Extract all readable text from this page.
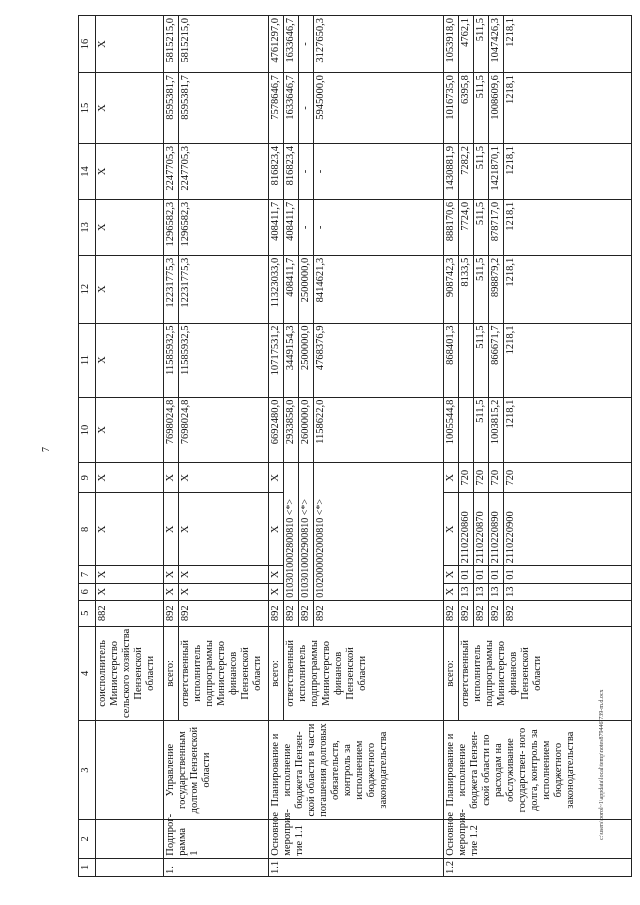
7
c:\users\borol~1\appdata\local\temp\notes879446\739-m.d.ocx
1	2	3	4	5	6	7	8	9	10	11	12	13	14	15	16
			соисполнитель Министерство сельского хозяйства Пензенской области	882	X	X	X	X	X	X	X	X	X	X	X
1.	Подпрог- рамма 1	Управление государственным долгом Пензенской области	всего:	892	X	X	X	X	7698024,8	11585932,5	12231775,3	1296582,3	2247705,3	8595381,7	5815215,0
			ответственный исполнитель подпрограммы Министерство финансов Пензенской области	892	X	X	X	X	7698024,8	11585932,5	12231775,3	1296582,3	2247705,3	8595381,7	5815215,0
1.1	Основное мероприя- тие 1.1	Планирование и исполнение бюджета Пензен- ской области в части погашения долговых обязательств, контроль за исполнением бюджетного законодательства	всего:	892	X	X	X	X	6692480,0	10717531,2	11323033,0	408411,7	816823,4	7578646,7	4761297,0
			ответственный исполнитель подпрограммы Министерство финансов Пензенской области	892	0103010002800810 <*>				2933858,0	3449154,3	408411,7	408411,7	816823,4	1633646,7	1633646,7
				892	0103010002900810 <*>				2600000,0	2500000,0	2500000,0	-	-	-	-
				892	0102000002000810 <*>				1158622,0	4768376,9	8414621,3	-	-	5945000,0	3127650,3
1.2	Основное мероприя- тие 1.2	Планирование и исполнение бюджета Пензен- ской области по расходам на обслуживание государствен- ного долга, контроль за исполнением бюджетного законодательства	всего:	892	X	X	X	X	1005544,8	868401,3	908742,3	888170,6	1430881,9	1016735,0	1053918,0
			ответственный исполнитель подпрограммы Министерство финансов Пензенской области	892	13	01	2110220860	720			8133,5	7724,0	7282,2	6395,8	4762,1
				892	13	01	2110220870	720	511,5	511,5	511,5	511,5	511,5	511,5	511,5
				892	13	01	2110220890	720	1003815,2	866671,7	898879,2	878717,0	1421870,1	1008609,6	1047426,3
				892	13	01	2110220900	720	1218,1	1218,1	1218,1	1218,1	1218,1	1218,1	1218,1
